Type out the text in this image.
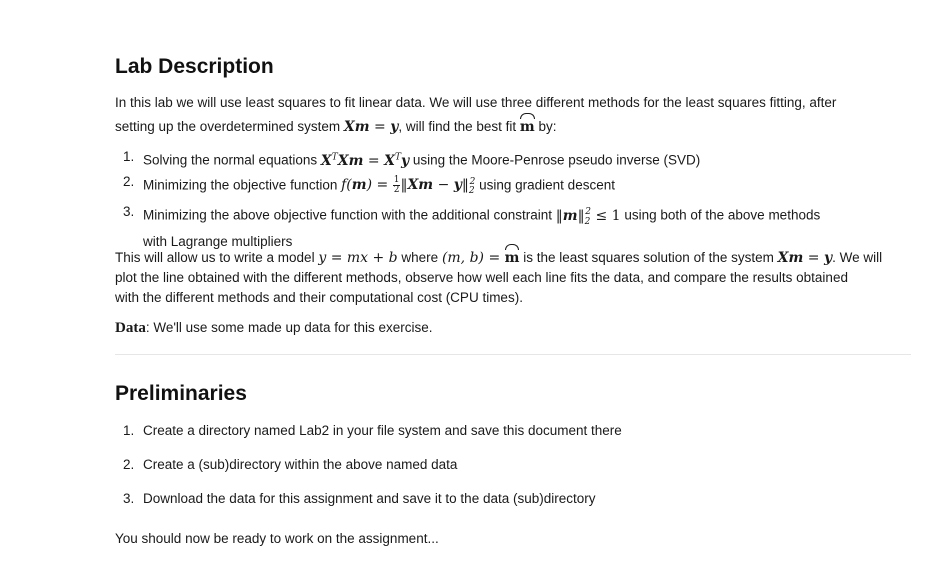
Lab Description
In this lab we will use least squares to fit linear data. We will use three different methods for the least squares fitting, after
setting up the overdetermined system Xm = y, will find the best fit m by:
1. Solving the normal equations $X^TXm = X^Ty$ using the Moore-Penrose pseudo inverse (SVD)
2. Minimizing the objective function $f(m) = \frac{1}{2}$ ‖Xm − $y‖_2^2$ using gradient descent
3. Minimizing the above objective function with the additional constraint $‖m‖_2^2 \le 1$ using both of the above methods
with Lagrange multipliers
This will allow us to write a model y = mx + b where (m, b) = m is the least squares solution of the system Xm = y. We will
plot the line obtained with the different methods, observe how well each line fits the data, and compare the results obtained
with the different methods and their computational cost (CPU times).
Data: We'll use some made up data for this exercise.
Preliminaries
1. Create a directory named Lab2 in your file system and save this document there
2. Create a (sub)directory within the above named data
3. Download the data for this assignment and save it to the data (sub)directory
You should now be ready to work on the assignment...
